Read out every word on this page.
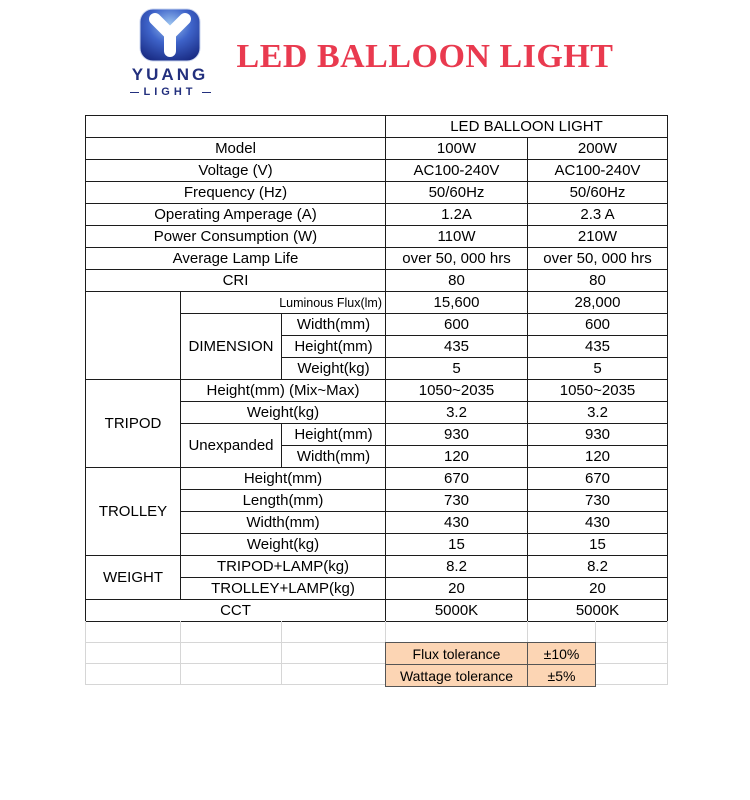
YUANG
LIGHT
LED BALLOON LIGHT
			LED BALLOON LIGHT	
Model			100W	200W
Voltage (V)			AC100-240V	AC100-240V
Frequency (Hz)			50/60Hz	50/60Hz
Operating Amperage (A)			1.2A	2.3 A
Power Consumption (W)			110W	210W
Average Lamp Life			over 50, 000 hrs	over 50, 000 hrs
CRI			80	80
	Luminous Flux(lm)		15,600	28,000
	DIMENSION	Width(mm)	600	600
		Height(mm)	435	435
		Weight(kg)	5	5
TRIPOD	Height(mm) (Mix~Max)		1050~2035	1050~2035
	Weight(kg)		3.2	3.2
	Unexpanded	Height(mm)	930	930
		Width(mm)	120	120
TROLLEY	Height(mm)		670	670
	Length(mm)		730	730
	Width(mm)		430	430
	Weight(kg)		15	15
WEIGHT	TRIPOD+LAMP(kg)		8.2	8.2
	TROLLEY+LAMP(kg)		20	20
CCT			5000K	5000K
Flux tolerance	±10%
Wattage tolerance	±5%
